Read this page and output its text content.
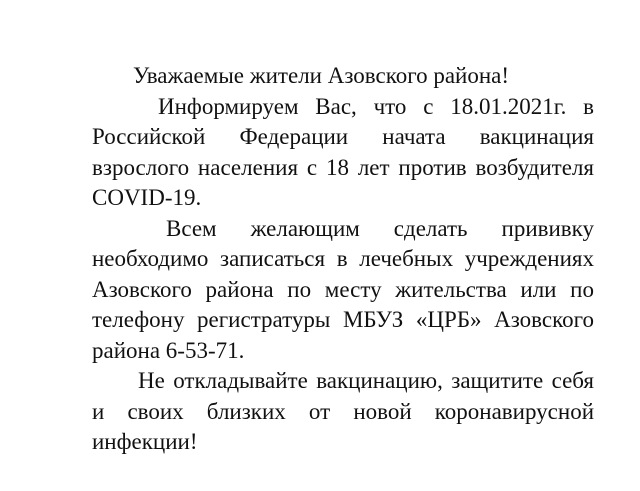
Уважаемые жители Азовского района!

Информируем Вас, что с 18.01.2021г. в Российской Федерации начата вакцинация взрослого населения с 18 лет против возбудителя COVID-19.

Всем желающим сделать прививку необходимо записаться в лечебных учреждениях Азовского района по месту жительства или по телефону регистратуры МБУЗ «ЦРБ» Азовского района 6-53-71.

Не откладывайте вакцинацию, защитите себя и своих близких от новой коронавирусной инфекции!
